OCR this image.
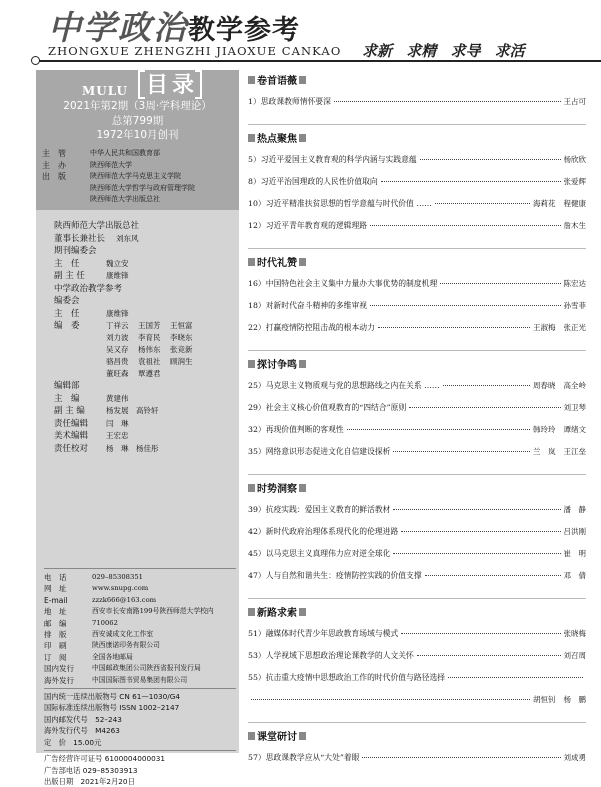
中学政治教学参考
ZHONGXUE ZHENGZHI JIAOXUE CANKAO 求新 求精 求导 求活
MULU 目录
2021年第2期（3周·学科理论）
总第799期
1972年10月创刊
主　管	中华人民共和国教育部
主　办	陕西师范大学
出　版	陕西师范大学马克思主义学院
陕西师范大学哲学与政府管理学院
陕西师范大学出版总社
陕西师范大学出版总社
董事长兼社长	刘东风
期刊编委会
主　任	魏立安
副 主 任	康维锋
中学政治教学参考
编委会
主　任	康维锋
编　委	丁祥云	王国芳	王恒富
刘力波	李育民	李晓东
吴又存	杨伟东	张竞新
骆昌贵	袁祖社	顾润生
董旺森	覃遵君
编辑部
主　编	黄建伟
副 主 编	杨发展　高铃轩
责任编辑	闫　琳
美术编辑	王宏忠
责任校对	杨　琳　杨佳彤
电　话	029–85308351
网　址	www.snupg.com
E-mail	zzzk666@163.com
地　址	西安市长安南路199号陕西师范大学校内
邮　编	710062
排　版	西安诚成文化工作室
印　刷	陕西康诺印务有限公司
订　阅	全国各地邮局
国内发行	中国邮政集团公司陕西省报刊发行局
海外发行	中国国际图书贸易集团有限公司
国内统一连续出版物号 CN 61—1030/G4
国际标准连续出版物号 ISSN 1002–2147
国内邮发代号　52–243
海外发行代号　M4263
定　价　15.00元
广告经营许可证号 6100004000031
广告部电话 029–85303913
出版日期　2021年2月20日
卷首语薇
1）思政课教师情怀要深	王占可
热点聚焦
5）习近平爱国主义教育观的科学内涵与实践意蕴	杨欣欣
8）习近平治国理政的人民性价值取向	张爱辉
10）习近平精准扶贫思想的哲学意蕴与时代价值 ……	海莉花 程健康
12）习近平青年教育观的逻辑理路	詹木生
时代礼赞
16）中国特色社会主义集中力量办大事优势的制度机理	陈宏达
18）对新时代奋斗精神的多维审视	孙雪菲
22）打赢疫情防控阻击战的根本动力	王淑梅 张正光
探讨争鸣
25）马克思主义物质观与党的思想路线之内在关系 ……	周春晓 高全岭
29）社会主义核心价值观教育的“四结合”原则	刘卫琴
32）再现价值判断的客观性	韩玲玲 谭绪文
35）网络意识形态促进文化自信建设探析	兰　岚 王江垒
时势洞察
39）抗疫实践：爱国主义教育的鲜活教材	潘　静
42）新时代政府治理体系现代化的伦理进路	吕洪刚
45）以马克思主义真理伟力应对逆全球化	崔　明
47）人与自然和谐共生：疫情防控实践的价值支撑	邓　倩
新路求索
51）融媒体时代青少年思政教育场域与模式	张晓梅
53）人学视域下思想政治理论课教学的人文关怀	刘召周
55）抗击重大疫情中思想政治工作的时代价值与路径选择
胡恒钊 杨　鹏
课堂研讨
57）思政课教学应从“大处”着眼	刘成勇
